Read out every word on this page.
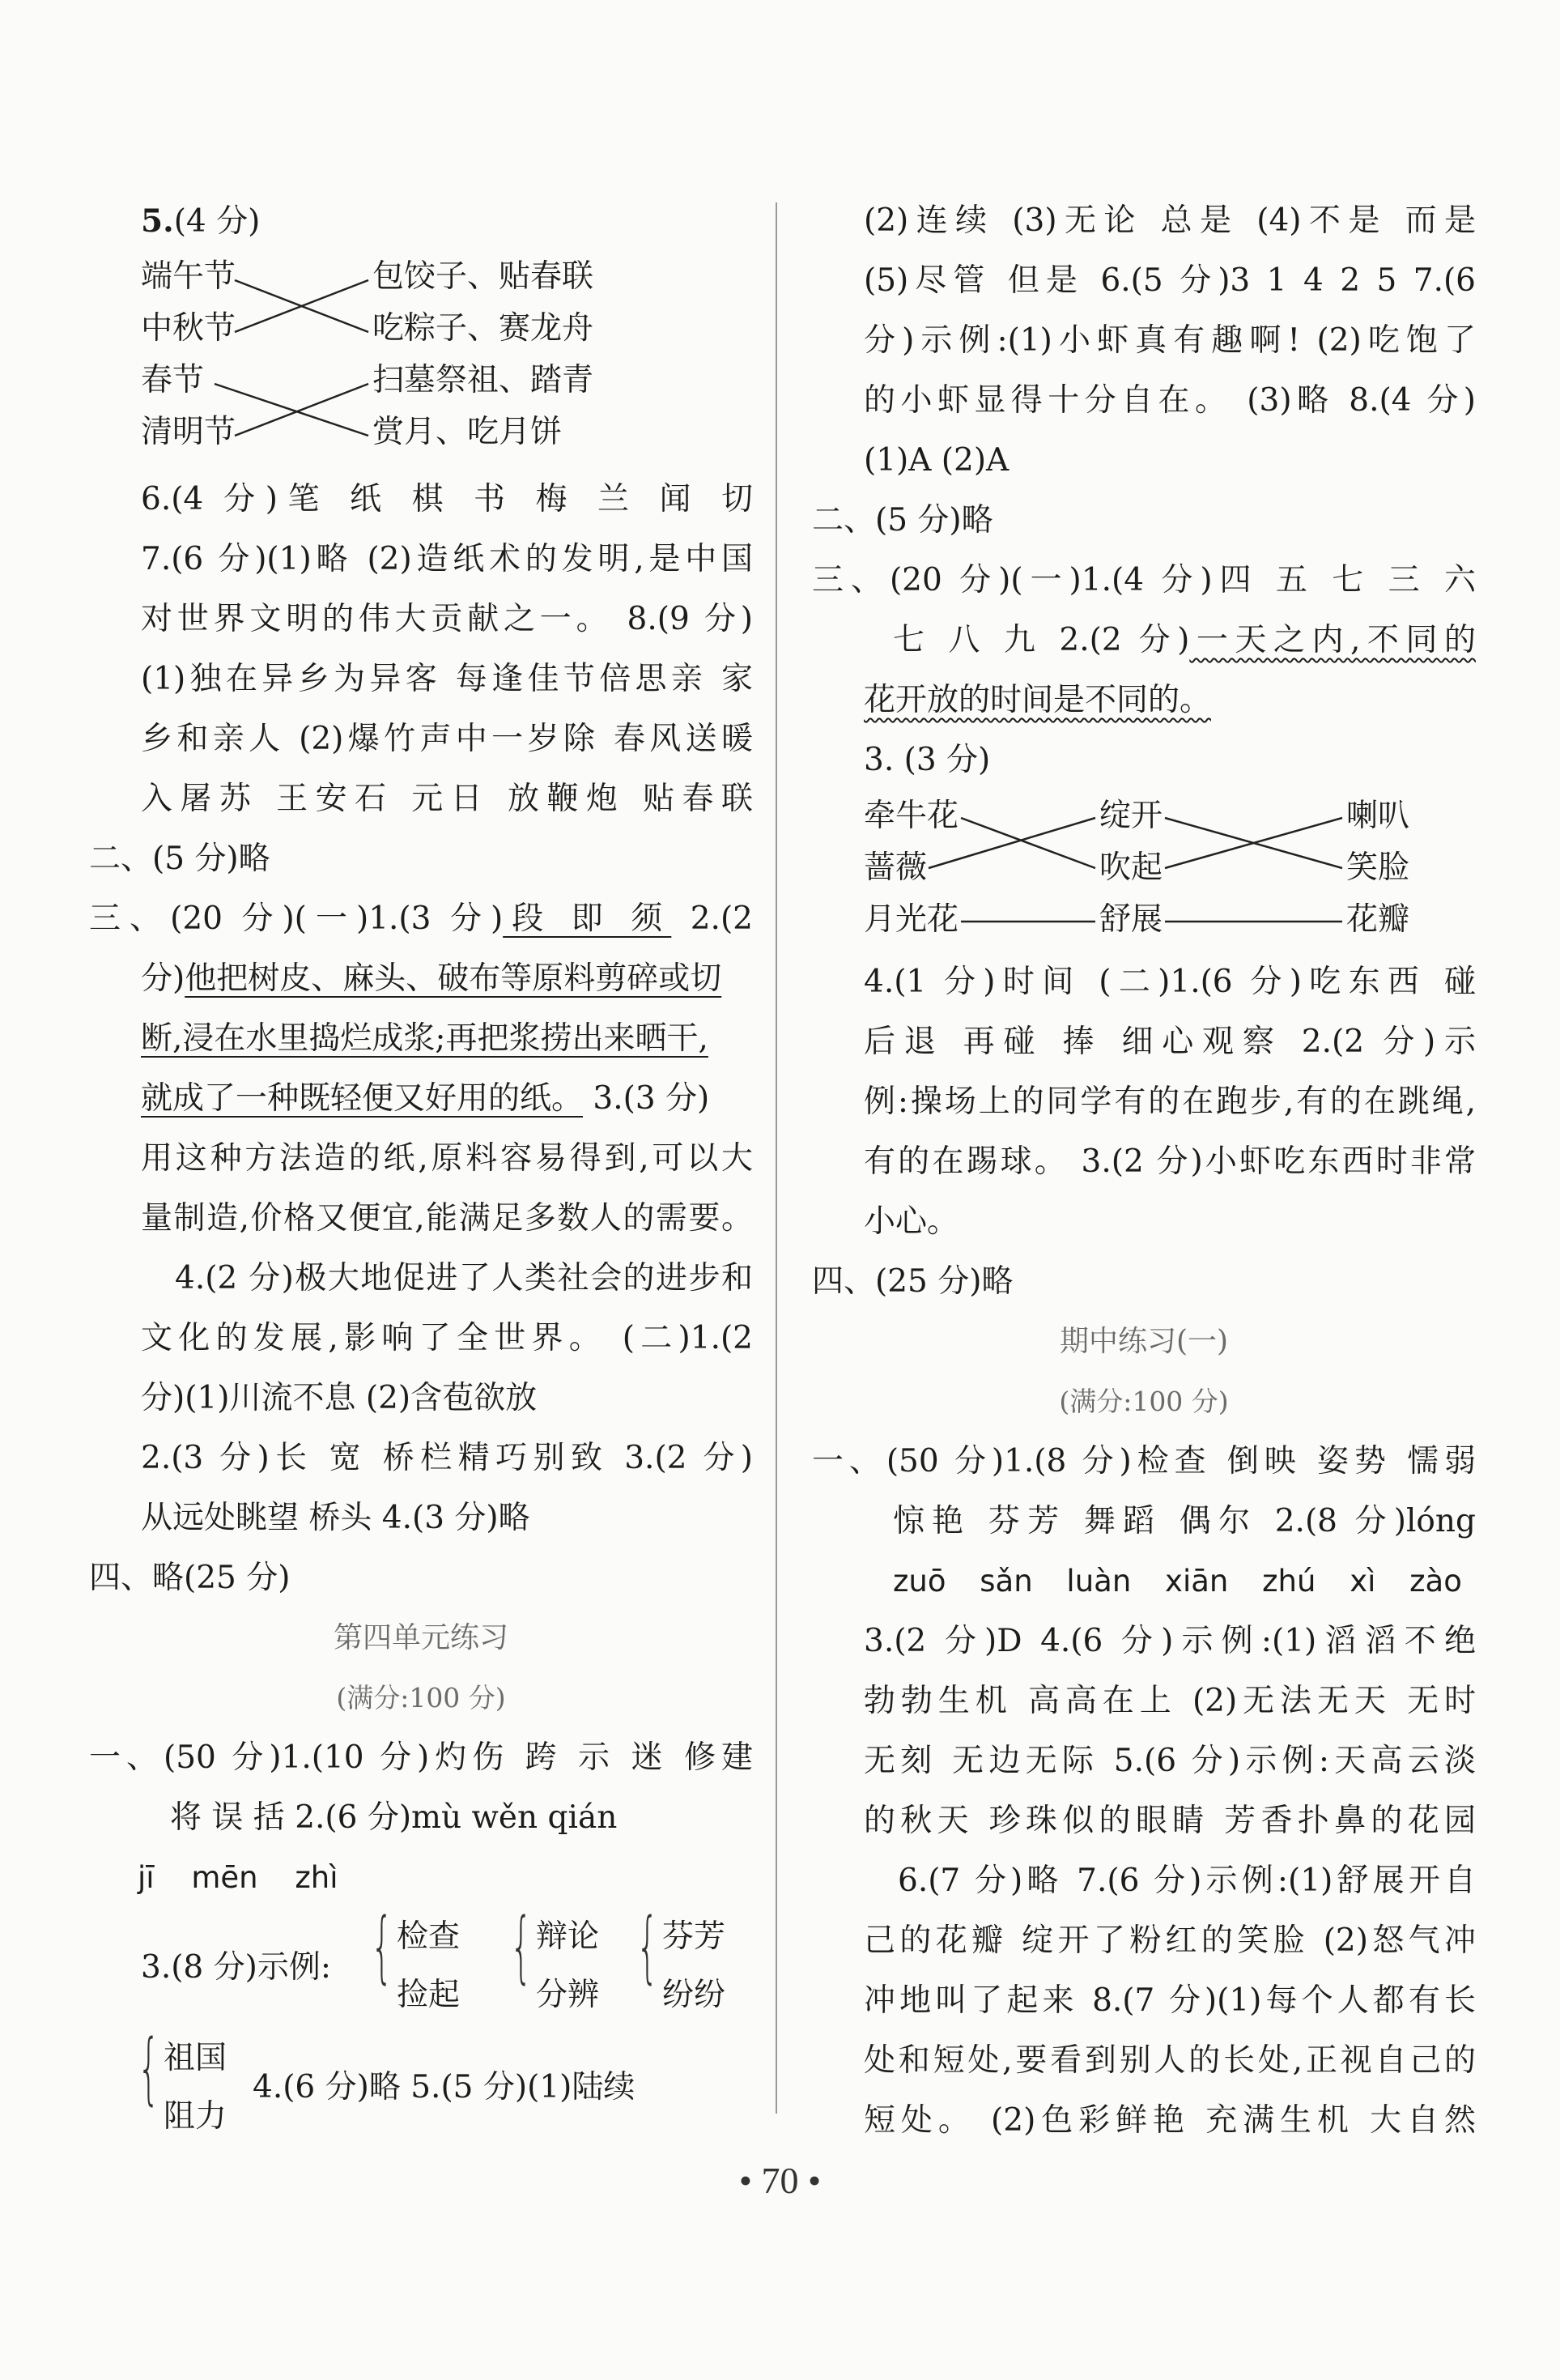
5.(4 分)
端午节
中秋节
春节
清明节
包饺子、贴春联
吃粽子、赛龙舟
扫墓祭祖、踏青
赏月、吃月饼
6.(4 分)笔 纸 棋 书 梅 兰 闻 切
7.(6 分)(1)略 (2)造纸术的发明,是中国
对世界文明的伟大贡献之一。 8.(9 分)
(1)独在异乡为异客 每逢佳节倍思亲 家
乡和亲人 (2)爆竹声中一岁除 春风送暖
入屠苏 王安石 元日 放鞭炮 贴春联
二、(5 分)略
三、(20 分)(一)1.(3 分)段 即 须 2.(2
分)他把树皮、麻头、破布等原料剪碎或切
断,浸在水里捣烂成浆;再把浆捞出来晒干,
就成了一种既轻便又好用的纸。 3.(3 分)
用这种方法造的纸,原料容易得到,可以大
量制造,价格又便宜,能满足多数人的需要。
4.(2 分)极大地促进了人类社会的进步和
文化的发展,影响了全世界。 (二)1.(2
分)(1)川流不息 (2)含苞欲放
2.(3 分)长 宽 桥栏精巧别致 3.(2 分)
从远处眺望 桥头 4.(3 分)略
四、略(25 分)
第四单元练习
(满分:100 分)
一、(50 分)1.(10 分)灼伤 跨 示 迷 修建
将 误 括 2.(6 分)mù wěn qián
jī mēn zhì
3.(8 分)示例: { 检查
捡起
{ 辩论
分辨
{ 芬芳
纷纷
{ 祖国
阻力
4.(6 分)略 5.(5 分)(1)陆续
(2)连续 (3)无论 总是 (4)不是 而是
(5)尽管 但是 6.(5 分)3 1 4 2 5 7.(6
分)示例:(1)小虾真有趣啊! (2)吃饱了
的小虾显得十分自在。 (3)略 8.(4 分)
(1)A (2)A
二、(5 分)略
三、(20 分)(一)1.(4 分)四 五 七 三 六
七 八 九 2.(2 分)一天之内,不同的
花开放的时间是不同的。
3. (3 分)
牵牛花
蔷薇
月光花
绽开
吹起
舒展
喇叭
笑脸
花瓣
4.(1 分)时间 (二)1.(6 分)吃东西 碰
后退 再碰 捧 细心观察 2.(2 分)示
例:操场上的同学有的在跑步,有的在跳绳,
有的在踢球。 3.(2 分)小虾吃东西时非常
小心。
四、(25 分)略
期中练习(一)
(满分:100 分)
一、(50 分)1.(8 分)检查 倒映 姿势 懦弱
惊艳 芬芳 舞蹈 偶尔 2.(8 分)lóng
zuō sǎn luàn xiān zhú xì zào
3.(2 分)D 4.(6 分)示例:(1)滔滔不绝
勃勃生机 高高在上 (2)无法无天 无时
无刻 无边无际 5.(6 分)示例:天高云淡
的秋天 珍珠似的眼睛 芳香扑鼻的花园
6.(7 分)略 7.(6 分)示例:(1)舒展开自
己的花瓣 绽开了粉红的笑脸 (2)怒气冲
冲地叫了起来 8.(7 分)(1)每个人都有长
处和短处,要看到别人的长处,正视自己的
短处。 (2)色彩鲜艳 充满生机 大自然
• 70 •
